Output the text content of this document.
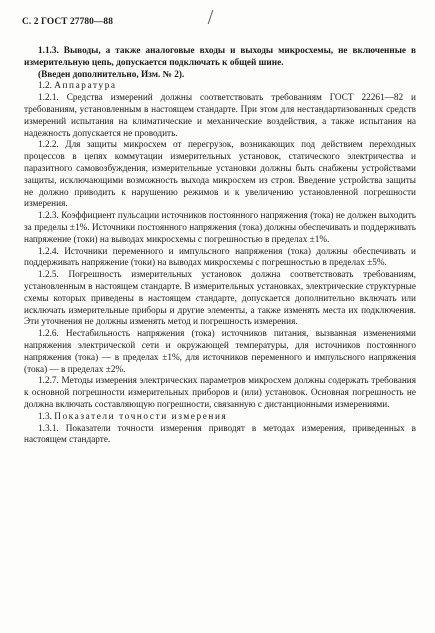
С. 2 ГОСТ 27780—88

1.1.3. Выводы, а также аналоговые входы и выходы микросхемы, не включенные в измерительную цепь, допускается подключать к общей шине.

(Введен дополнительно, Изм. № 2).

1.2. Аппаратура

1.2.1. Средства измерений должны соответствовать требованиям ГОСТ 22261—82 и требованиям, установленным в настоящем стандарте. При этом для нестандартизованных средств измерений испытания на климатические и механические воздействия, а также испытания на надежность допускается не проводить.

1.2.2. Для защиты микросхем от перегрузок, возникающих под действием переходных процессов в цепях коммутации измерительных установок, статического электричества и паразитного самовозбуждения, измерительные установки должны быть снабжены устройствами защиты, исключающими возможность выхода микросхем из строя. Введение устройства защиты не должно приводить к нарушению режимов и к увеличению установленной погрешности измерения.

1.2.3. Коэффициент пульсации источников постоянного напряжения (тока) не должен выходить за пределы ±1%. Источники постоянного напряжения (тока) должны обеспечивать и поддерживать напряжение (токи) на выводах микросхемы с погрешностью в пределах ±1%.

1.2.4. Источники переменного и импульсного напряжения (тока) должны обеспечивать и поддерживать напряжение (токи) на выводах микросхемы с погрешностью в пределах ±5%.

1.2.5. Погрешность измерительных установок должна соответствовать требованиям, установленным в настоящем стандарте. В измерительных установках, электрические структурные схемы которых приведены в настоящем стандарте, допускается дополнительно включать или исключать измерительные приборы и другие элементы, а также изменять места их подключения. Эти уточнения не должны изменять метод и погрешность измерения.

1.2.6. Нестабильность напряжения (тока) источников питания, вызванная изменениями напряжения электрической сети и окружающей температуры, для источников постоянного напряжения (тока) — в пределах ±1%, для источников переменного и импульсного напряжения (тока) — в пределах ±2%.

1.2.7. Методы измерения электрических параметров микросхем должны содержать требования к основной погрешности измерительных приборов и (или) установок. Основная погрешность не должна включать составляющую погрешности, связанную с дистанционными измерениями.

1.3. Показатели точности измерения

1.3.1. Показатели точности измерения приводят в методах измерения, приведенных в настоящем стандарте.
